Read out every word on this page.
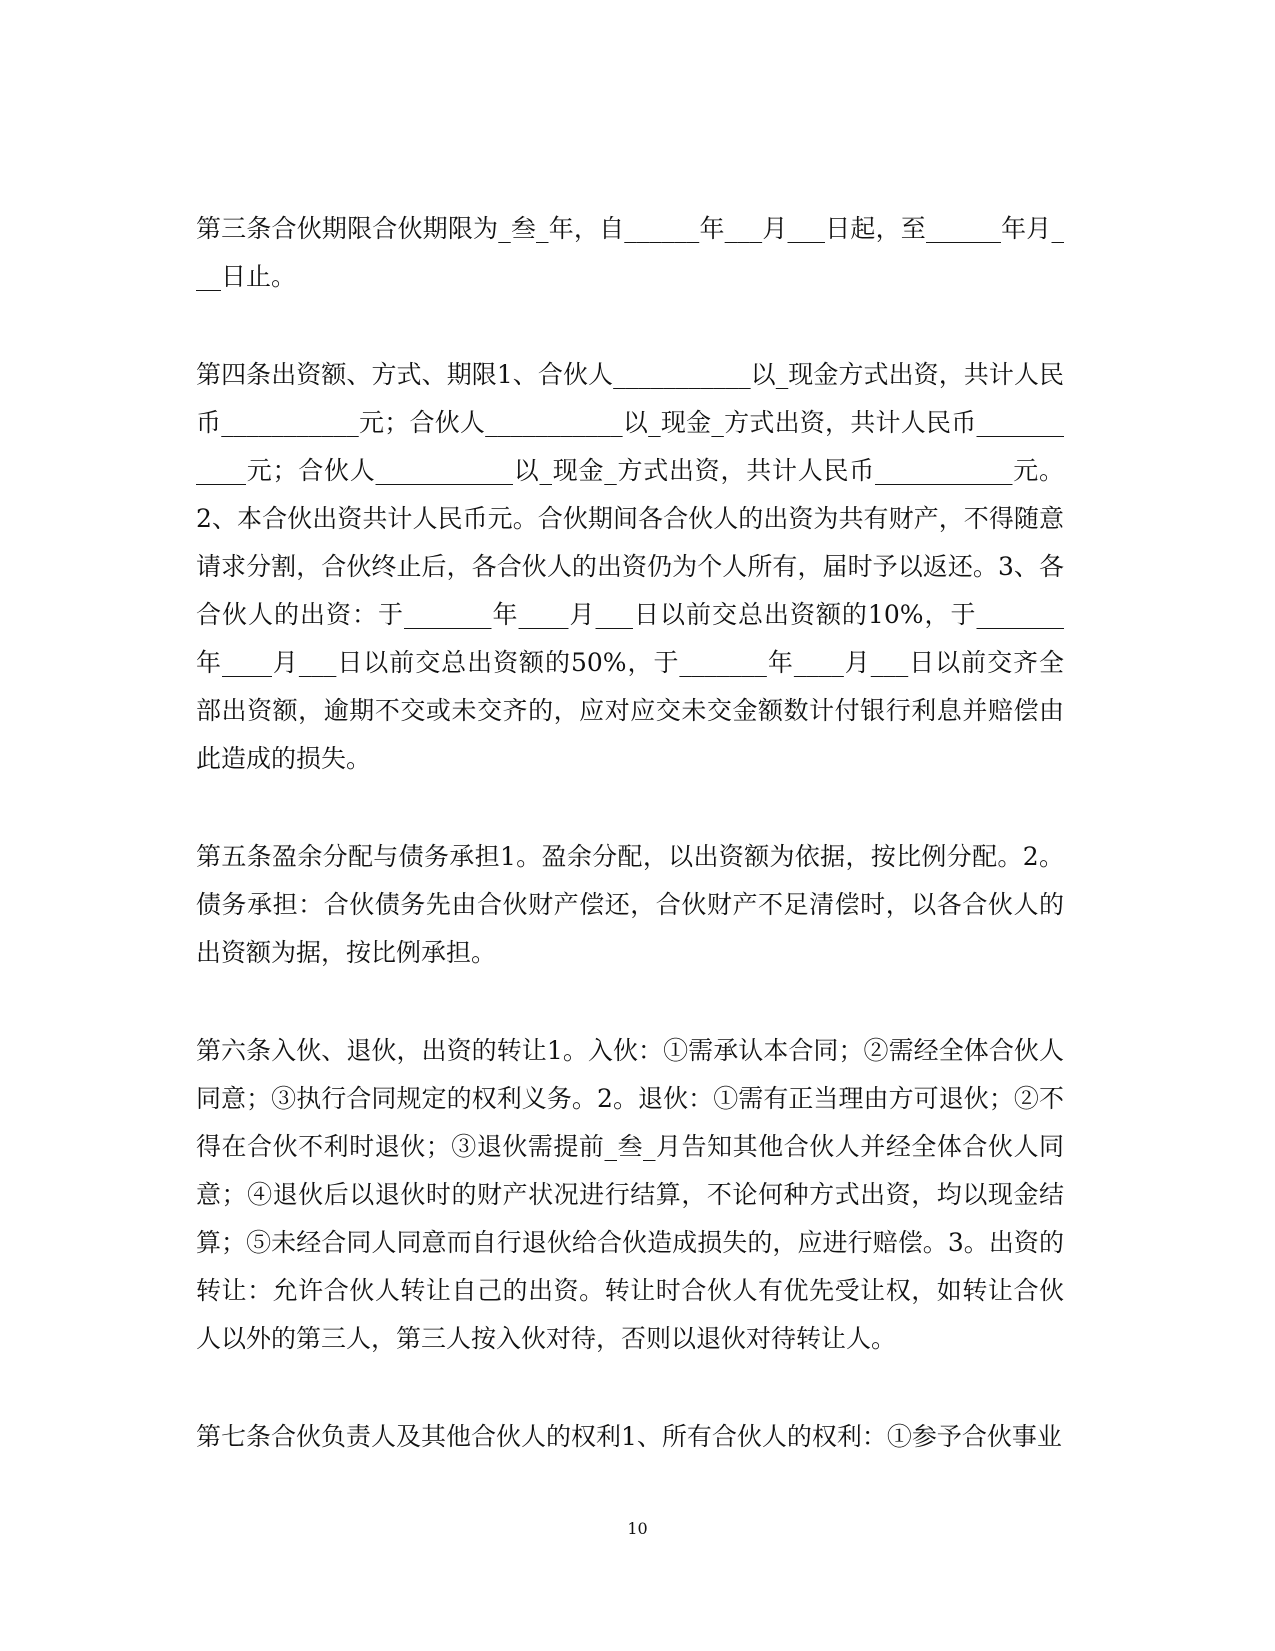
第三条合伙期限合伙期限为_叁_年，自______年___月___日起，至______年月___日止。

第四条出资额、方式、期限1、合伙人___________以_现金方式出资，共计人民币___________元；合伙人___________以_现金_方式出资，共计人民币___________元；合伙人___________以_现金_方式出资，共计人民币___________元。2、本合伙出资共计人民币元。合伙期间各合伙人的出资为共有财产，不得随意请求分割，合伙终止后，各合伙人的出资仍为个人所有，届时予以返还。3、各合伙人的出资：于_______年____月___日以前交总出资额的10%，于_______年____月___日以前交总出资额的50%，于_______年____月___日以前交齐全部出资额，逾期不交或未交齐的，应对应交未交金额数计付银行利息并赔偿由此造成的损失。

第五条盈余分配与债务承担1。盈余分配，以出资额为依据，按比例分配。2。债务承担：合伙债务先由合伙财产偿还，合伙财产不足清偿时，以各合伙人的出资额为据，按比例承担。

第六条入伙、退伙，出资的转让1。入伙：①需承认本合同；②需经全体合伙人同意；③执行合同规定的权利义务。2。退伙：①需有正当理由方可退伙；②不得在合伙不利时退伙；③退伙需提前_叁_月告知其他合伙人并经全体合伙人同意；④退伙后以退伙时的财产状况进行结算，不论何种方式出资，均以现金结算；⑤未经合同人同意而自行退伙给合伙造成损失的，应进行赔偿。3。出资的转让：允许合伙人转让自己的出资。转让时合伙人有优先受让权，如转让合伙人以外的第三人，第三人按入伙对待，否则以退伙对待转让人。

第七条合伙负责人及其他合伙人的权利1、所有合伙人的权利：①参予合伙事业

10
